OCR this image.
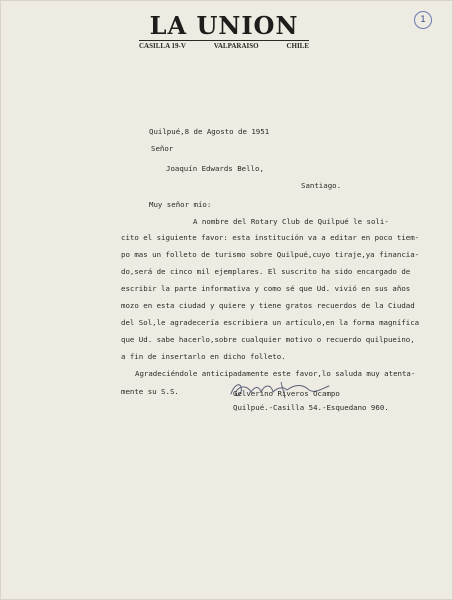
LA UNION
CASILLA 19-V	VALPARAISO	CHILE
1
Quilpué,8 de Agosto de 1951
Señor
Joaquín Edwards Bello,
Santiago.
Muy señor mío:
A nombre del Rotary Club de Quilpué le soli-
cito el siguiente favor: esta institución va a editar en poco tiem-
po mas un folleto de turismo sobre Quilpué,cuyo tiraje,ya financia-
do,será de cinco mil ejemplares. El suscrito ha sido encargado de
escribir la parte informativa y como sé que Ud. vivió en sus años
mozo en esta ciudad y quiere y tiene gratos recuerdos de la Ciudad
del Sol,le agradecería escribiera un artículo,en la forma magnífica
que Ud. sabe hacerlo,sobre cualquier motivo o recuerdo quilpueino,
a fin de insertarlo en dicho folleto.
Agradeciéndole anticipadamente este favor,lo saluda muy atenta-
mente su S.S.	Gelverino Riveros Ocampo
Quilpué.-Casilla 54.-Esquedano 960.
